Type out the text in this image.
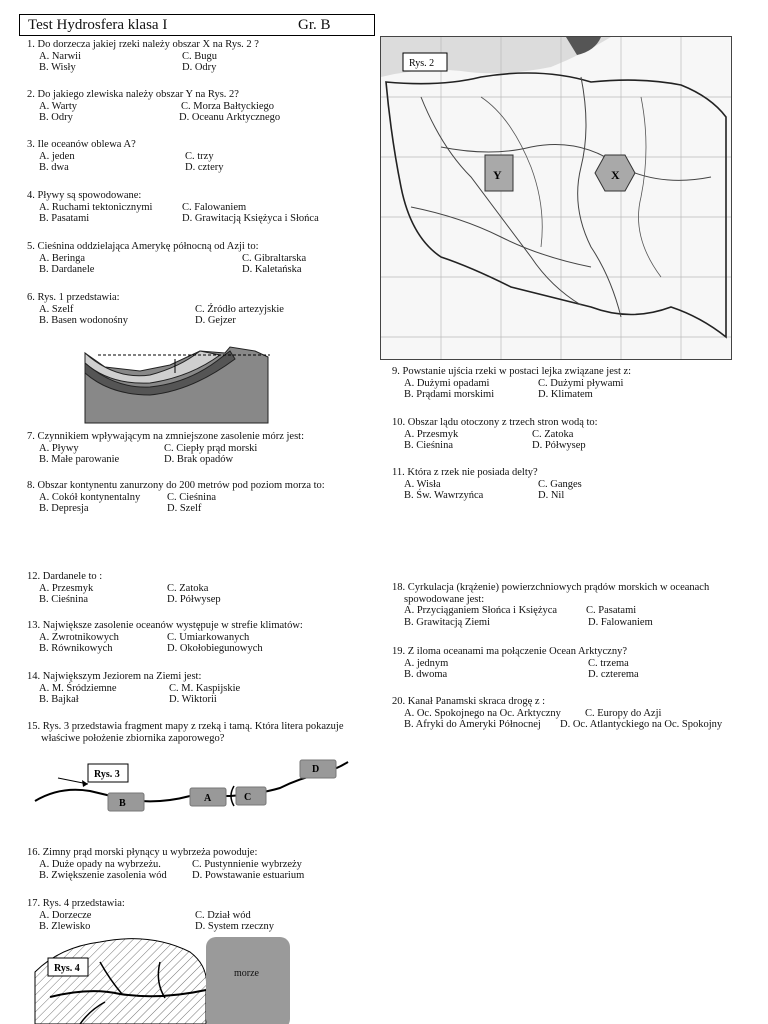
Test Hydrosfera klasa I	Gr. B
1. Do dorzecza jakiej rzeki należy obszar X na Rys. 2 ?
A. Narwii	C. Bugu
B. Wisły	D. Odry
2. Do jakiego zlewiska należy obszar Y na Rys. 2?
A. Warty	C. Morza Bałtyckiego
B. Odry	D. Oceanu Arktycznego
3. Ile oceanów oblewa A?
A. jeden	C. trzy
B. dwa	D. cztery
4. Pływy są spowodowane:
A. Ruchami tektonicznymi	C. Falowaniem
B. Pasatami	D. Grawitacją Księżyca i Słońca
5. Cieśnina oddzielająca Amerykę północną od Azji to:
A. Beringa	C. Gibraltarska
B. Dardanele	D. Kaletańska
6. Rys. 1 przedstawia:
A. Szelf	C. Źródło artezyjskie
B. Basen wodonośny	D. Gejzer
7. Czynnikiem wpływającym na zmniejszone zasolenie mórz jest:
A. Pływy	C. Ciepły prąd morski
B. Małe parowanie	D. Brak opadów
8. Obszar kontynentu zanurzony do 200 metrów pod poziom morza to:
A. Cokół kontynentalny	C. Cieśnina
B. Depresja	D. Szelf
12. Dardanele to :
A. Przesmyk	C. Zatoka
B. Cieśnina	D. Półwysep
13. Największe zasolenie oceanów występuje w strefie klimatów:
A. Zwrotnikowych	C. Umiarkowanych
B. Równikowych	D. Okołobiegunowych
14. Największym Jeziorem na Ziemi jest:
A. M. Śródziemne	C. M. Kaspijskie
B. Bajkał	D. Wiktorii
15. Rys. 3 przedstawia fragment mapy z rzeką i tamą. Która litera pokazuje
właściwe położenie zbiornika zaporowego?
Rys. 3
B	A	C
D
16. Zimny prąd morski płynący u wybrzeża powoduje:
A. Duże opady na wybrzeżu.	C. Pustynnienie wybrzeży
B. Zwiększenie zasolenia wód D. Powstawanie estuarium
17. Rys. 4 przedstawia:
A. Dorzecze	C. Dział wód
B. Zlewisko	D. System rzeczny
Rys. 4	morze
Y	X
Rys. 2
9. Powstanie ujścia rzeki w postaci lejka związane jest z:
A. Dużymi opadami	C. Dużymi pływami
B. Prądami morskimi	D. Klimatem
10. Obszar lądu otoczony z trzech stron wodą to:
A. Przesmyk	C. Zatoka
B. Cieśnina	D. Półwysep
11. Która z rzek nie posiada delty?
A. Wisła	C. Ganges
B. Św. Wawrzyńca	D. Nil
18. Cyrkulacja (krążenie) powierzchniowych prądów morskich w oceanach
spowodowane jest:
A. Przyciąganiem Słońca i Księżyca	C. Pasatami
B. Grawitacją Ziemi	D. Falowaniem
19. Z iloma oceanami ma połączenie Ocean Arktyczny?
A. jednym	C. trzema
B. dwoma	D. czterema
20. Kanał Panamski skraca drogę z :
A. Oc. Spokojnego na Oc. Arktyczny C. Europy do Azji
B. Afryki do Ameryki Północnej D. Oc. Atlantyckiego na Oc. Spokojny
